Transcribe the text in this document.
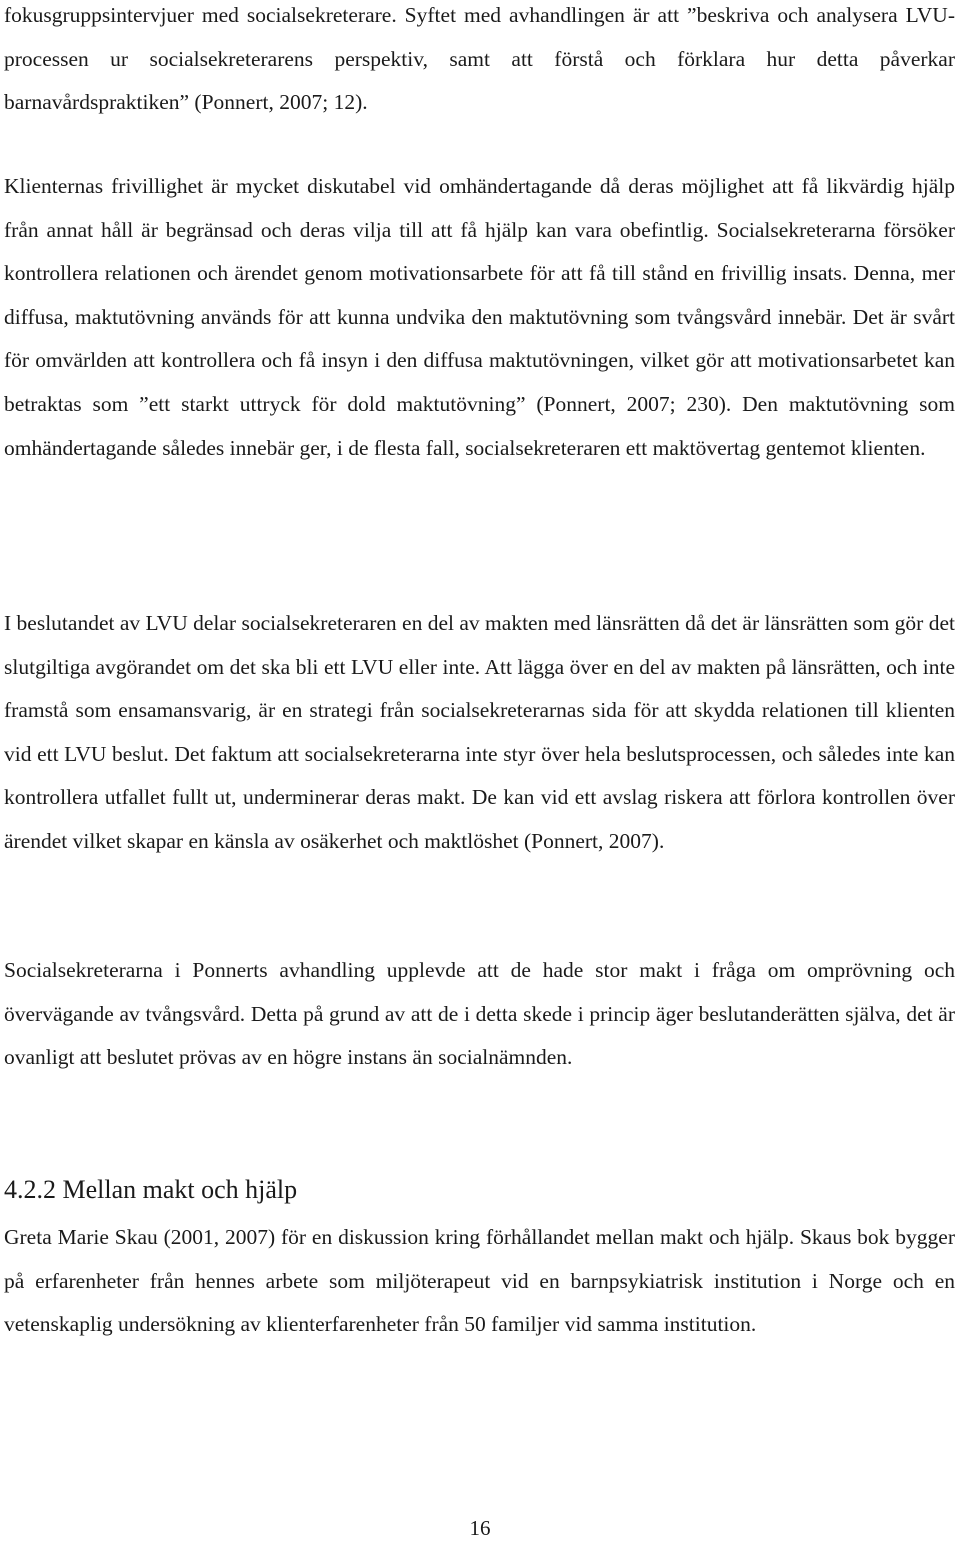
fokusgruppsintervjuer med socialsekreterare. Syftet med avhandlingen är att ”beskriva och analysera LVU-processen ur socialsekreterarens perspektiv, samt att förstå och förklara hur detta påverkar barnavårdspraktiken” (Ponnert, 2007; 12).

Klienternas frivillighet är mycket diskutabel vid omhändertagande då deras möjlighet att få likvärdig hjälp från annat håll är begränsad och deras vilja till att få hjälp kan vara obefintlig. Socialsekreterarna försöker kontrollera relationen och ärendet genom motivationsarbete för att få till stånd en frivillig insats. Denna, mer diffusa, maktutövning används för att kunna undvika den maktutövning som tvångsvård innebär. Det är svårt för omvärlden att kontrollera och få insyn i den diffusa maktutövningen, vilket gör att motivationsarbetet kan betraktas som ”ett starkt uttryck för dold maktutövning” (Ponnert, 2007; 230). Den maktutövning som omhändertagande således innebär ger, i de flesta fall, socialsekreteraren ett maktövertag gentemot klienten.

I beslutandet av LVU delar socialsekreteraren en del av makten med länsrätten då det är länsrätten som gör det slutgiltiga avgörandet om det ska bli ett LVU eller inte. Att lägga över en del av makten på länsrätten, och inte framstå som ensamansvarig, är en strategi från socialsekreterarnas sida för att skydda relationen till klienten vid ett LVU beslut. Det faktum att socialsekreterarna inte styr över hela beslutsprocessen, och således inte kan kontrollera utfallet fullt ut, underminerar deras makt. De kan vid ett avslag riskera att förlora kontrollen över ärendet vilket skapar en känsla av osäkerhet och maktlöshet (Ponnert, 2007).

Socialsekreterarna i Ponnerts avhandling upplevde att de hade stor makt i fråga om omprövning och övervägande av tvångsvård. Detta på grund av att de i detta skede i princip äger beslutanderätten själva, det är ovanligt att beslutet prövas av en högre instans än socialnämnden.

4.2.2 Mellan makt och hjälp

Greta Marie Skau (2001, 2007) för en diskussion kring förhållandet mellan makt och hjälp. Skaus bok bygger på erfarenheter från hennes arbete som miljöterapeut vid en barnpsykiatrisk institution i Norge och en vetenskaplig undersökning av klienterfarenheter från 50 familjer vid samma institution.

16
